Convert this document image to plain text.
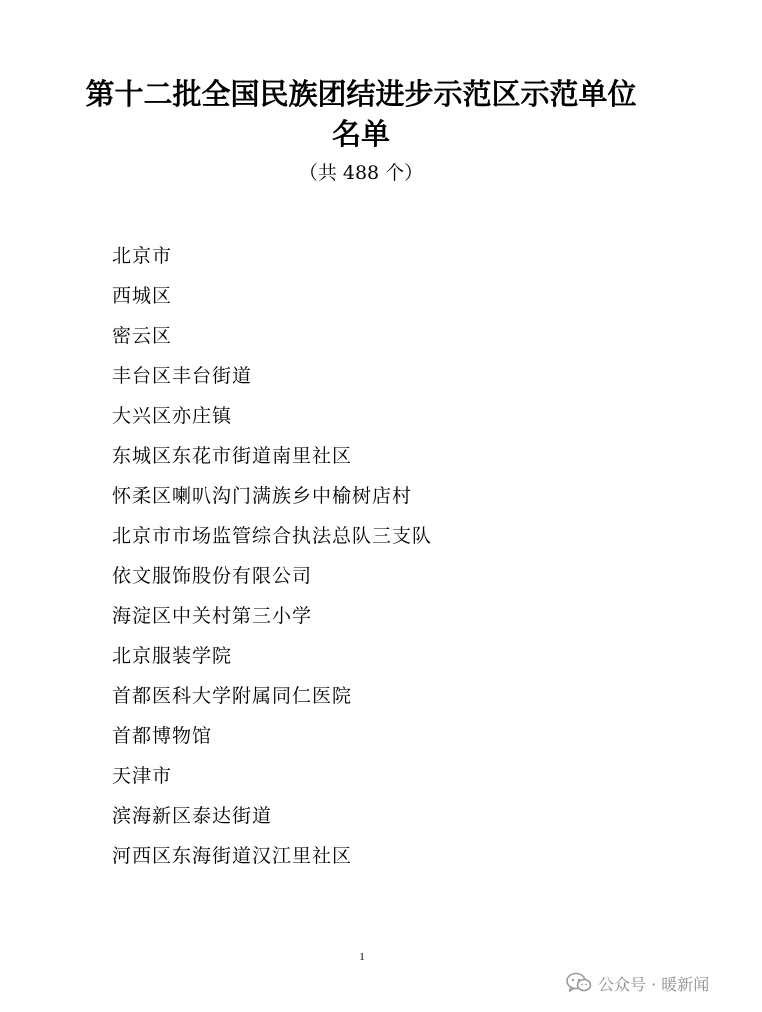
第十二批全国民族团结进步示范区示范单位
名单
（共 488 个）
北京市
西城区
密云区
丰台区丰台街道
大兴区亦庄镇
东城区东花市街道南里社区
怀柔区喇叭沟门满族乡中榆树店村
北京市市场监管综合执法总队三支队
依文服饰股份有限公司
海淀区中关村第三小学
北京服装学院
首都医科大学附属同仁医院
首都博物馆
天津市
滨海新区泰达街道
河西区东海街道汉江里社区
1
公众号 · 暖新闻
